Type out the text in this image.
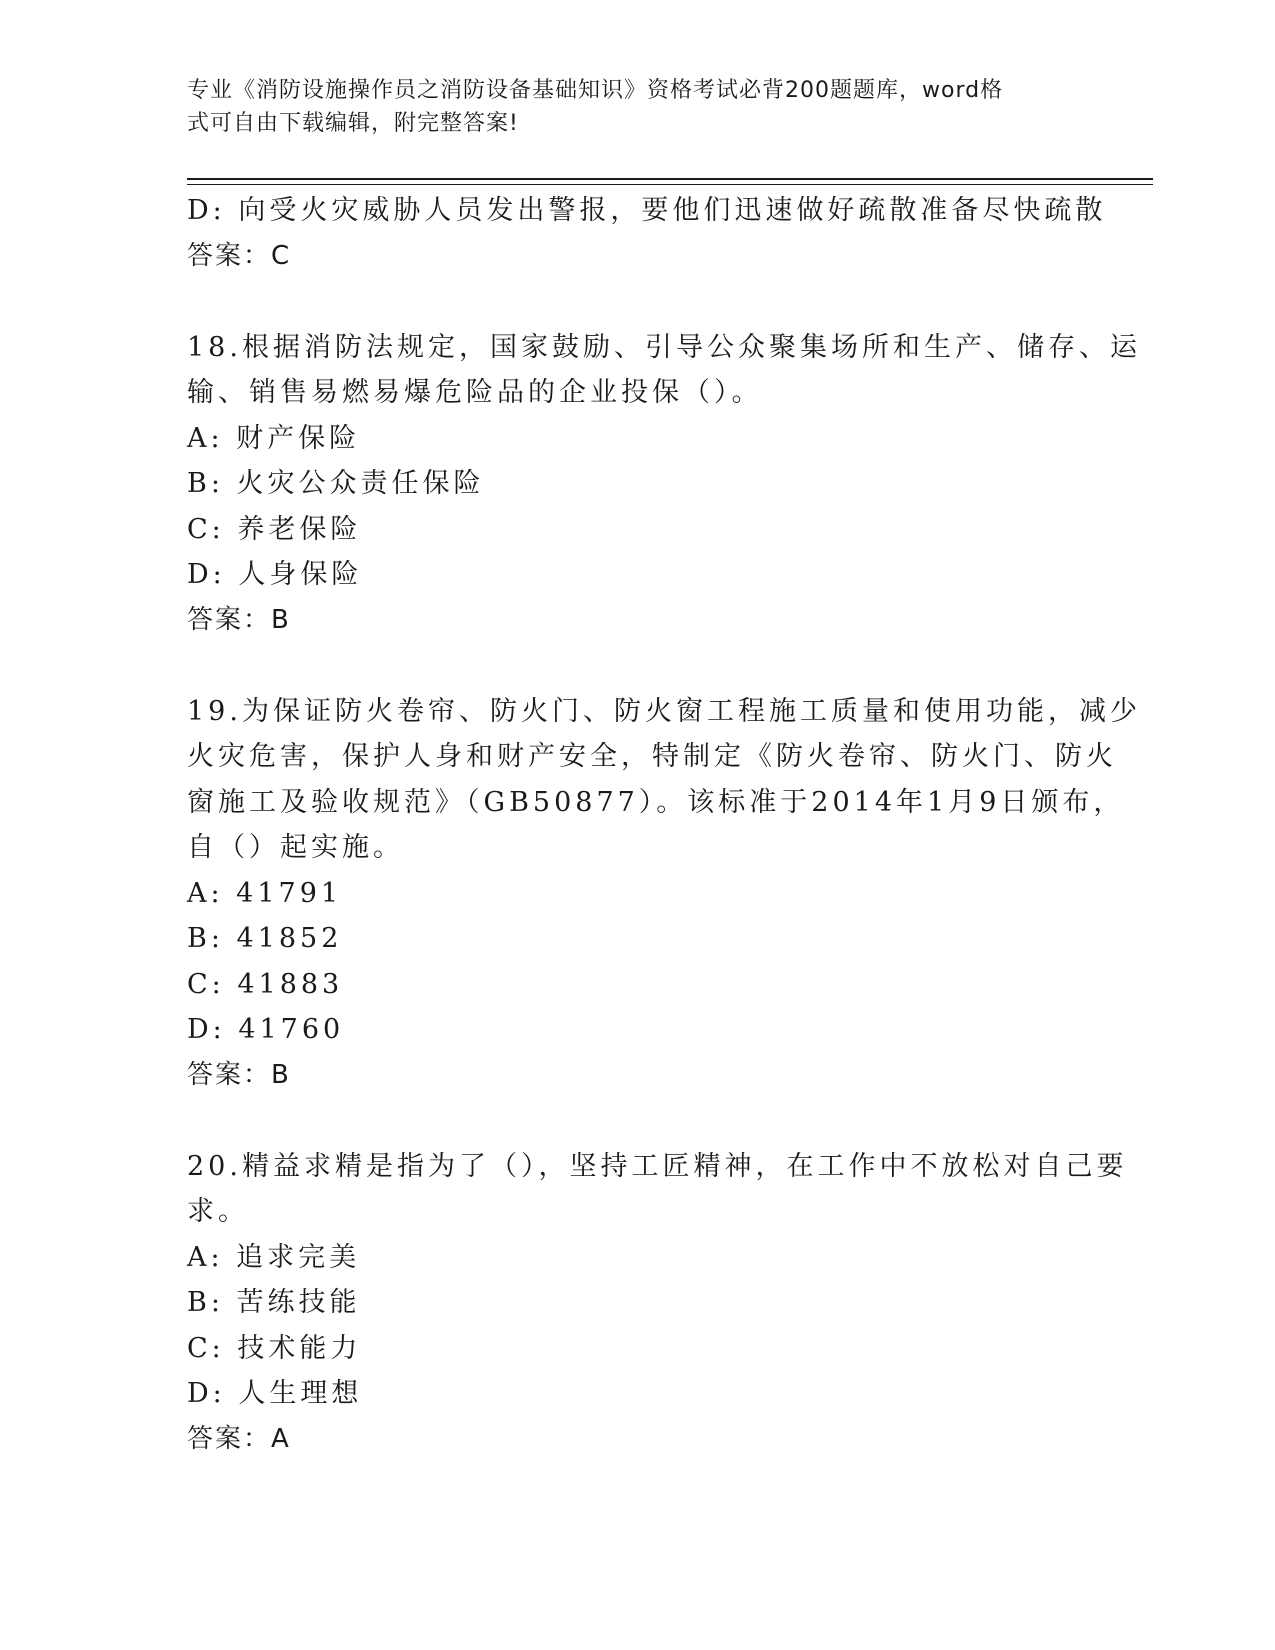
专业《消防设施操作员之消防设备基础知识》资格考试必背200题题库，word格
式可自由下载编辑，附完整答案!
D: 向受火灾威胁人员发出警报，要他们迅速做好疏散准备尽快疏散
答案：C
18.根据消防法规定，国家鼓励、引导公众聚集场所和生产、储存、运
输、销售易燃易爆危险品的企业投保（）。
A: 财产保险
B: 火灾公众责任保险
C: 养老保险
D: 人身保险
答案：B
19.为保证防火卷帘、防火门、防火窗工程施工质量和使用功能，减少
火灾危害，保护人身和财产安全，特制定《防火卷帘、防火门、防火
窗施工及验收规范》（GB50877）。该标准于2014年1月9日颁布，
自（）起实施。
A: 41791
B: 41852
C: 41883
D: 41760
答案：B
20.精益求精是指为了（），坚持工匠精神，在工作中不放松对自己要
求。
A: 追求完美
B: 苦练技能
C: 技术能力
D: 人生理想
答案：A
